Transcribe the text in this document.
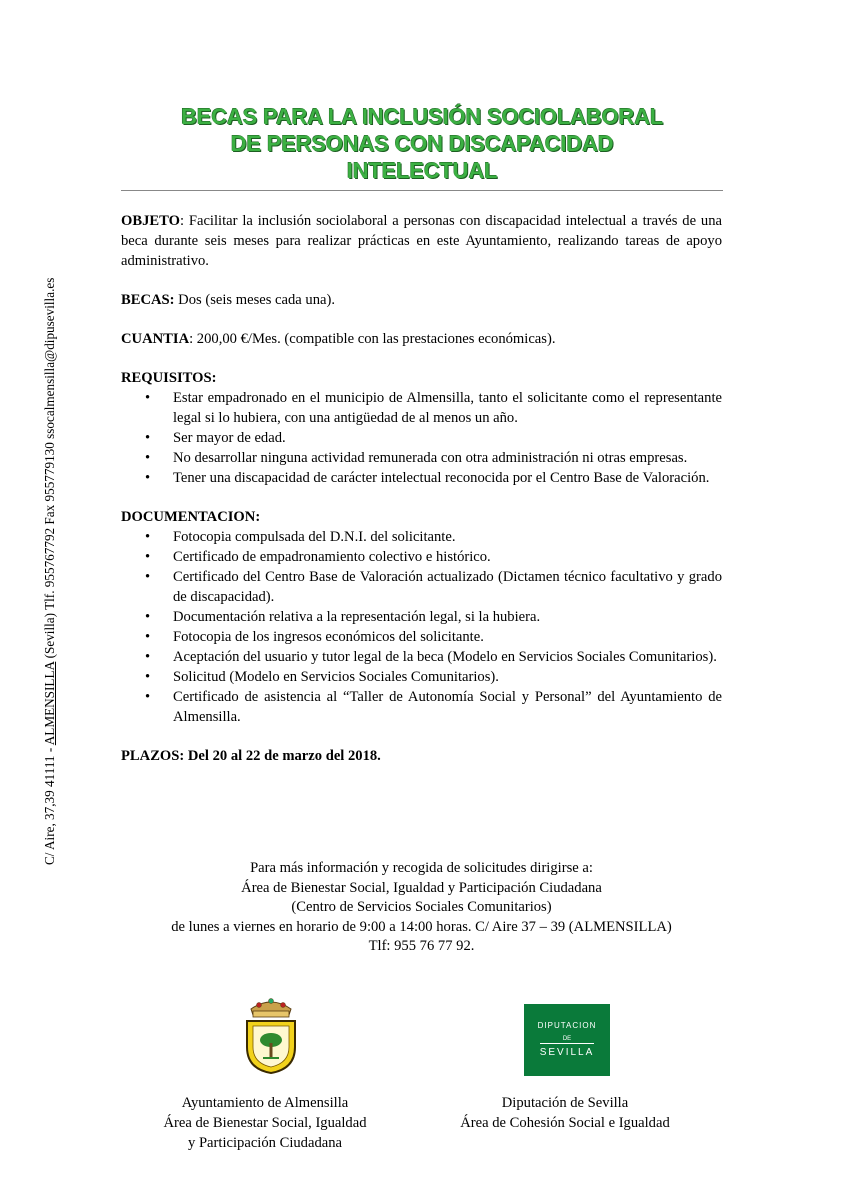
C/ Aire, 37,39 41111 - ALMENSILLA (Sevilla) Tlf. 955767792 Fax 955779130 ssocalmensilla@dipusevilla.es
BECAS PARA LA INCLUSIÓN SOCIOLABORAL
DE PERSONAS CON DISCAPACIDAD
INTELECTUAL

OBJETO: Facilitar la inclusión sociolaboral a personas con discapacidad intelectual a través de una beca durante seis meses para realizar prácticas en este Ayuntamiento, realizando tareas de apoyo administrativo.

BECAS: Dos (seis meses cada una).

CUANTIA: 200,00 €/Mes. (compatible con las prestaciones económicas).

REQUISITOS:

• Estar empadronado en el municipio de Almensilla, tanto el solicitante como el representante legal si lo hubiera, con una antigüedad de al menos un año.
• Ser mayor de edad.
• No desarrollar ninguna actividad remunerada con otra administración ni otras empresas.
• Tener una discapacidad de carácter intelectual reconocida por el Centro Base de Valoración.

DOCUMENTACION:

• Fotocopia compulsada del D.N.I. del solicitante.
• Certificado de empadronamiento colectivo e histórico.
• Certificado del Centro Base de Valoración actualizado (Dictamen técnico facultativo y grado de discapacidad).
• Documentación relativa a la representación legal, si la hubiera.
• Fotocopia de los ingresos económicos del solicitante.
• Aceptación del usuario y tutor legal de la beca (Modelo en Servicios Sociales Comunitarios).
• Solicitud (Modelo en Servicios Sociales Comunitarios).
• Certificado de asistencia al “Taller de Autonomía Social y Personal” del Ayuntamiento de Almensilla.

PLAZOS: Del 20 al 22 de marzo del 2018.

Para más información y recogida de solicitudes dirigirse a:
Área de Bienestar Social, Igualdad y Participación Ciudadana
(Centro de Servicios Sociales Comunitarios)
de lunes a viernes en horario de 9:00 a 14:00 horas. C/ Aire 37 – 39 (ALMENSILLA)
Tlf: 955 76 77 92.
DIPUTACION
DE
SEVILLA
Ayuntamiento de Almensilla
Área de Bienestar Social, Igualdad
y Participación Ciudadana
Diputación de Sevilla
Área de Cohesión Social e Igualdad
